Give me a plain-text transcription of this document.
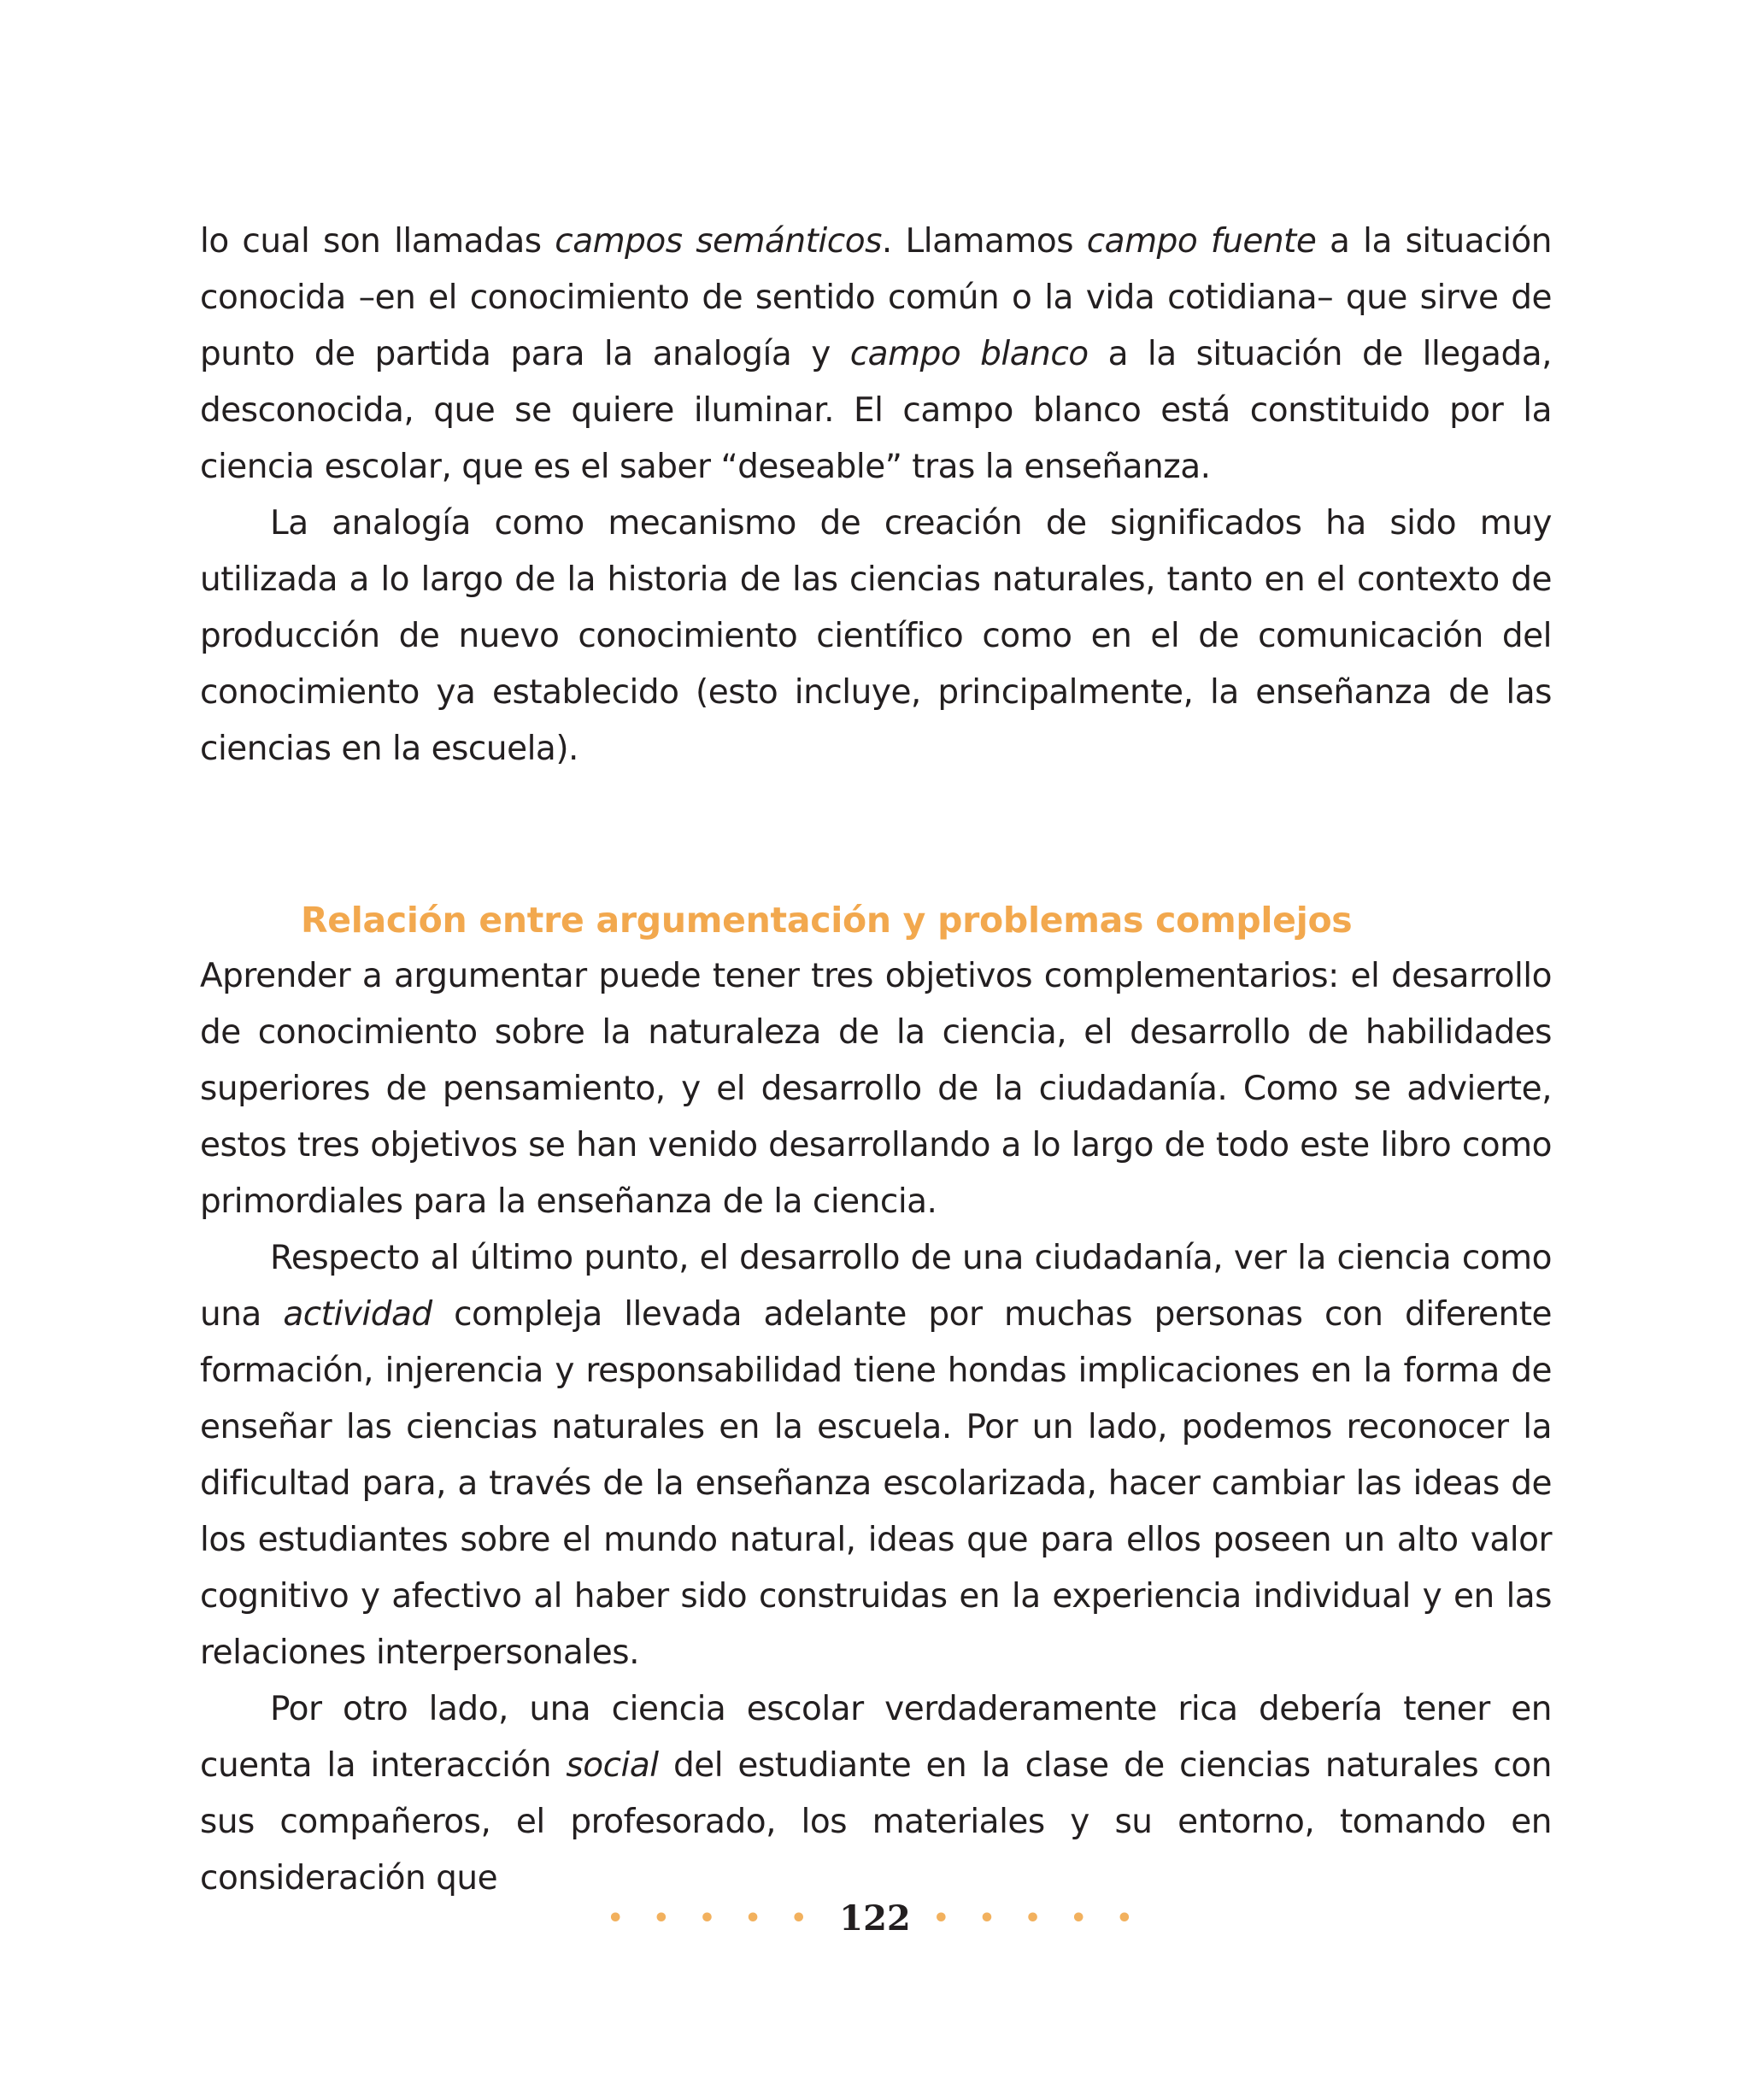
lo cual son llamadas campos semánticos. Llamamos campo fuente a la situación conocida –en el conocimiento de sentido común o la vida cotidiana– que sirve de punto de partida para la analogía y campo blanco a la situación de llegada, desconocida, que se quiere iluminar. El campo blanco está constituido por la ciencia escolar, que es el saber “deseable” tras la enseñanza.

La analogía como mecanismo de creación de significados ha sido muy utilizada a lo largo de la historia de las ciencias naturales, tanto en el contexto de producción de nuevo conocimiento científico como en el de comunicación del conocimiento ya establecido (esto incluye, principalmente, la enseñanza de las ciencias en la escuela).

Relación entre argumentación y problemas complejos

Aprender a argumentar puede tener tres objetivos complementarios: el desarrollo de conocimiento sobre la naturaleza de la ciencia, el desarrollo de habilidades superiores de pensamiento, y el desarrollo de la ciudadanía. Como se advierte, estos tres objetivos se han venido desarrollando a lo largo de todo este libro como primordiales para la enseñanza de la ciencia.

Respecto al último punto, el desarrollo de una ciudadanía, ver la ciencia como una actividad compleja llevada adelante por muchas personas con diferente formación, injerencia y responsabilidad tiene hondas implicaciones en la forma de enseñar las ciencias naturales en la escuela. Por un lado, podemos reconocer la dificultad para, a través de la enseñanza escolarizada, hacer cambiar las ideas de los estudiantes sobre el mundo natural, ideas que para ellos poseen un alto valor cognitivo y afectivo al haber sido construidas en la experiencia individual y en las relaciones interpersonales.

Por otro lado, una ciencia escolar verdaderamente rica debería tener en cuenta la interacción social del estudiante en la clase de ciencias naturales con sus compañeros, el profesorado, los materiales y su entorno, tomando en consideración que

• • • • • 122 • • • • •
